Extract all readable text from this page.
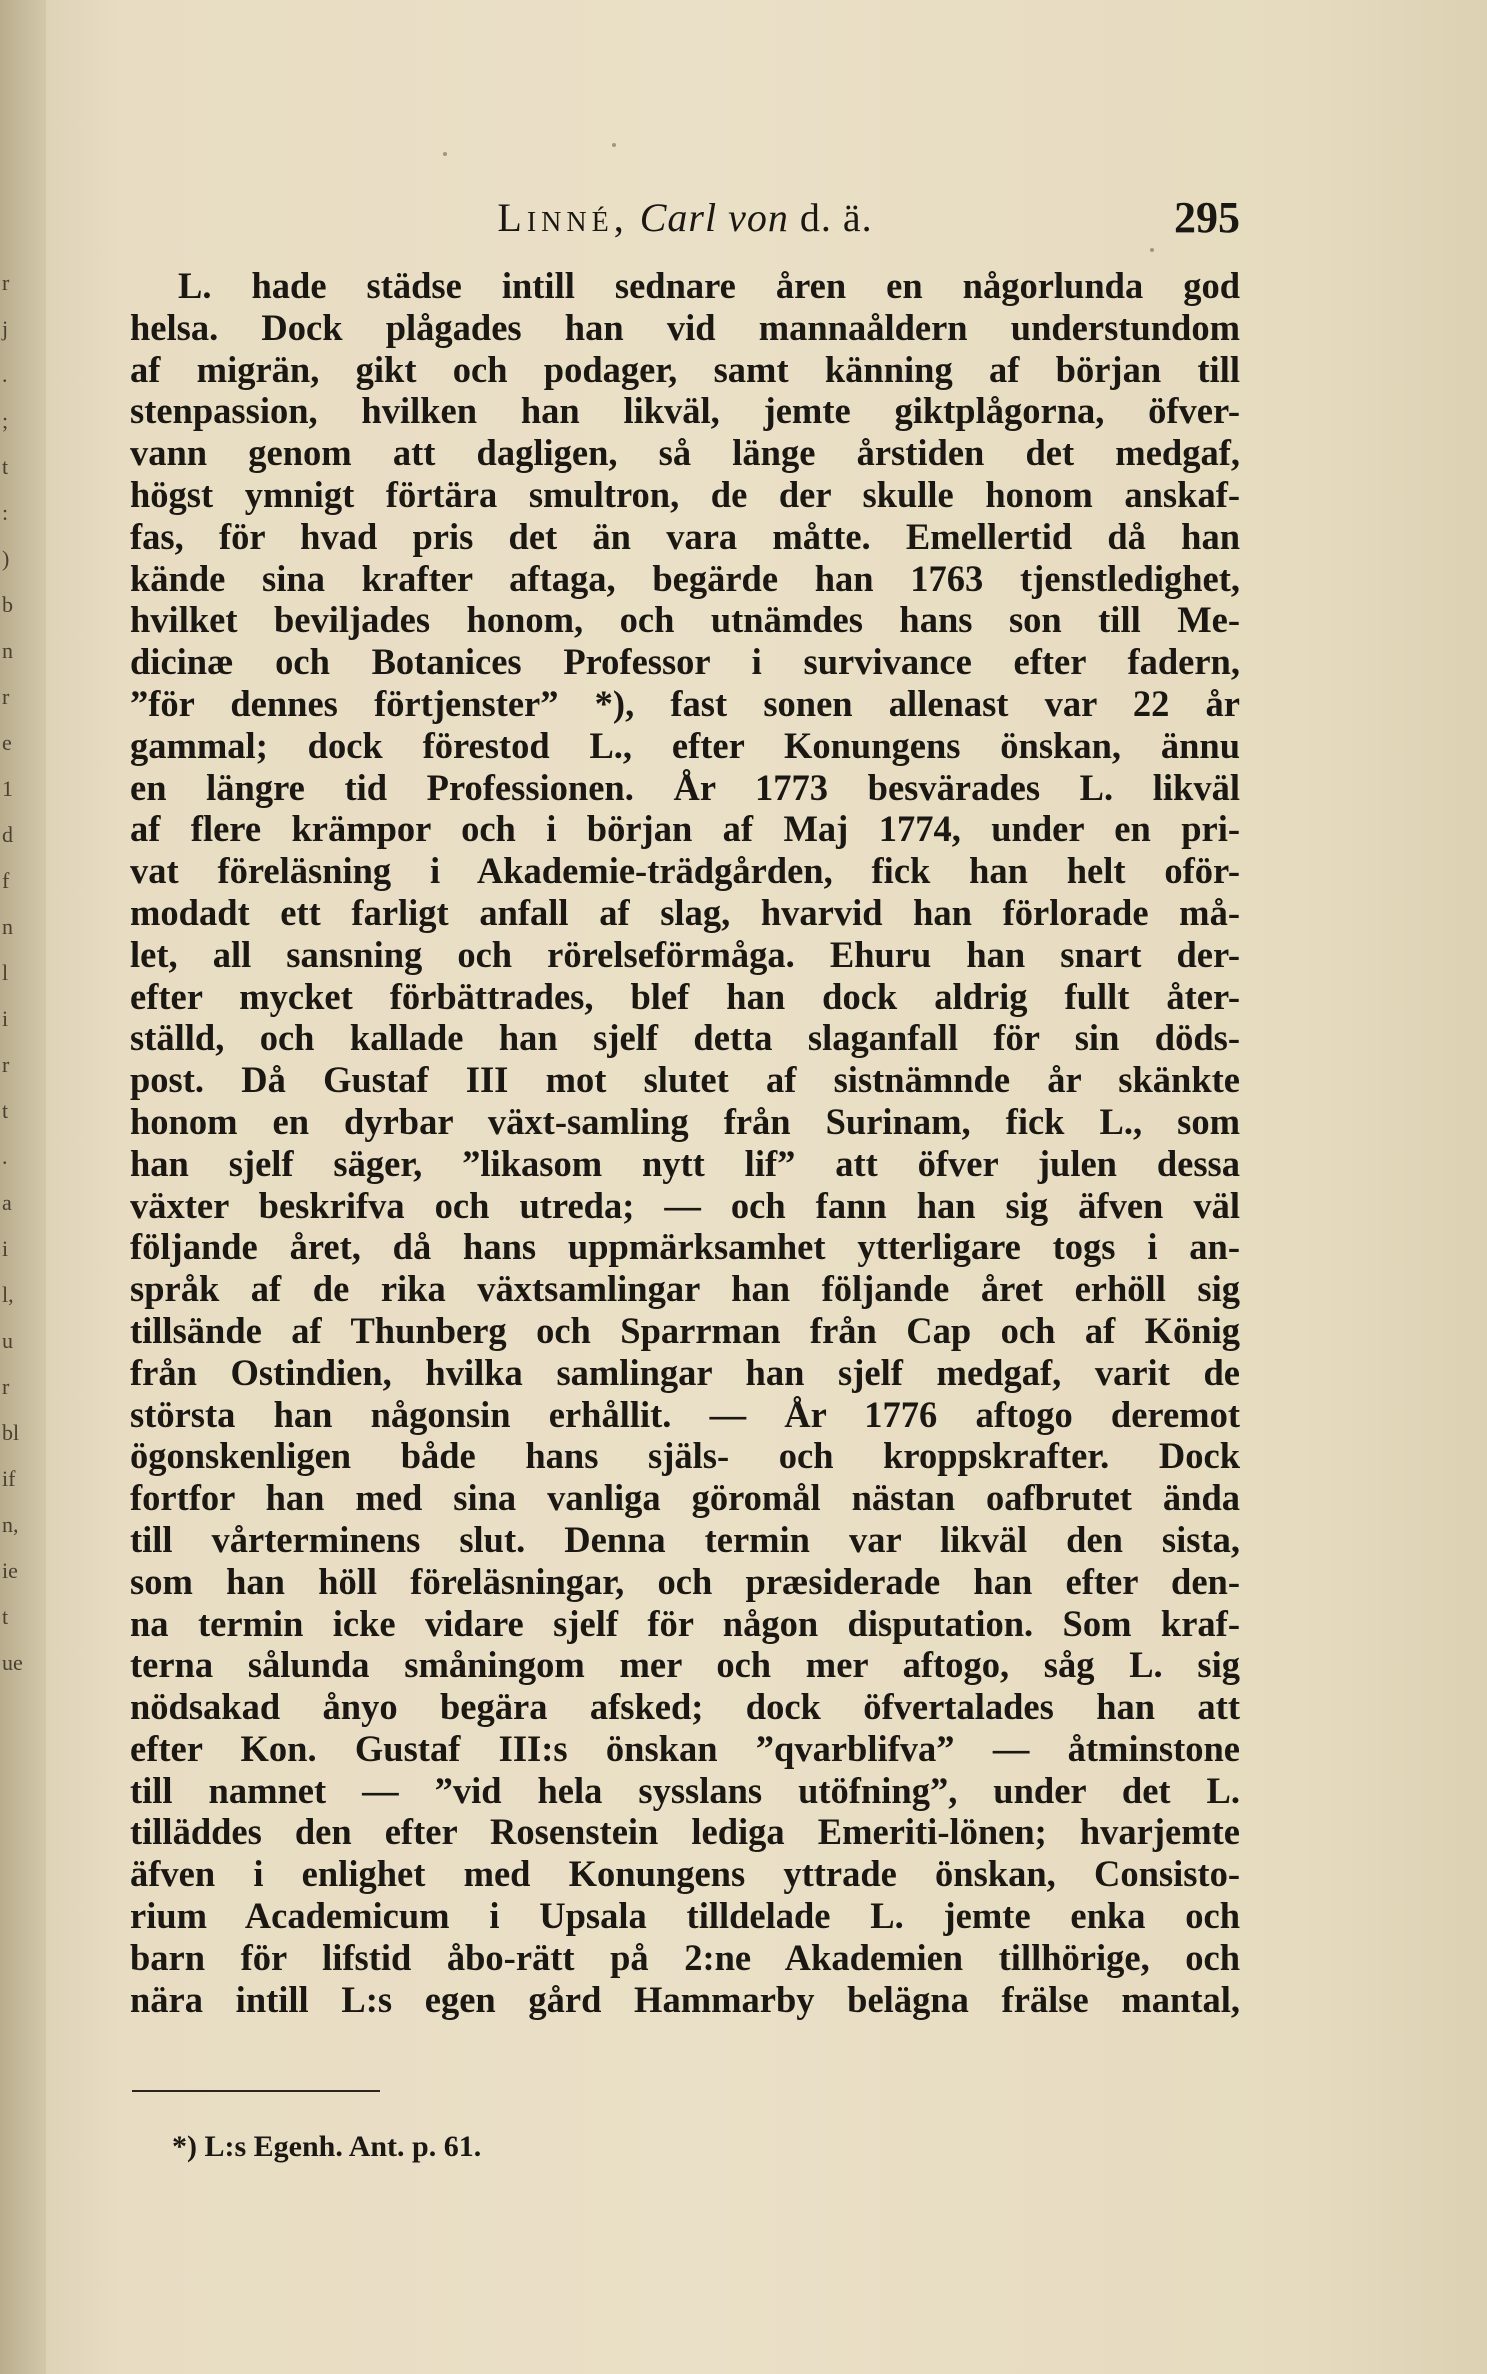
r
j
.
;
t
:
)
b
n
r
e
1
d
f
n
l
i
r
t
.
a
i
l,
u
r
bl
if
n,
ie
t
ue
Linné, Carl von d. ä.	295
L. hade städse intill sednare åren en någorlunda god
helsa. Dock plågades han vid mannaåldern understundom
af migrän, gikt och podager, samt känning af början till
stenpassion, hvilken han likväl, jemte giktplågorna, öfver-
vann genom att dagligen, så länge årstiden det medgaf,
högst ymnigt förtära smultron, de der skulle honom anskaf-
fas, för hvad pris det än vara måtte. Emellertid då han
kände sina krafter aftaga, begärde han 1763 tjenstledighet,
hvilket beviljades honom, och utnämdes hans son till Me-
dicinæ och Botanices Professor i survivance efter fadern,
”för dennes förtjenster” *), fast sonen allenast var 22 år
gammal; dock förestod L., efter Konungens önskan, ännu
en längre tid Professionen. År 1773 besvärades L. likväl
af flere krämpor och i början af Maj 1774, under en pri-
vat föreläsning i Akademie-trädgården, fick han helt oför-
modadt ett farligt anfall af slag, hvarvid han förlorade må-
let, all sansning och rörelseförmåga. Ehuru han snart der-
efter mycket förbättrades, blef han dock aldrig fullt åter-
ställd, och kallade han sjelf detta slaganfall för sin döds-
post. Då Gustaf III mot slutet af sistnämnde år skänkte
honom en dyrbar växt-samling från Surinam, fick L., som
han sjelf säger, ”likasom nytt lif” att öfver julen dessa
växter beskrifva och utreda; — och fann han sig äfven väl
följande året, då hans uppmärksamhet ytterligare togs i an-
språk af de rika växtsamlingar han följande året erhöll sig
tillsände af Thunberg och Sparrman från Cap och af König
från Ostindien, hvilka samlingar han sjelf medgaf, varit de
största han någonsin erhållit. — År 1776 aftogo deremot
ögonskenligen både hans själs- och kroppskrafter. Dock
fortfor han med sina vanliga göromål nästan oafbrutet ända
till vårterminens slut. Denna termin var likväl den sista,
som han höll föreläsningar, och præsiderade han efter den-
na termin icke vidare sjelf för någon disputation. Som kraf-
terna sålunda småningom mer och mer aftogo, såg L. sig
nödsakad ånyo begära afsked; dock öfvertalades han att
efter Kon. Gustaf III:s önskan ”qvarblifva” — åtminstone
till namnet — ”vid hela sysslans utöfning”, under det L.
tilläddes den efter Rosenstein lediga Emeriti-lönen; hvarjemte
äfven i enlighet med Konungens yttrade önskan, Consisto-
rium Academicum i Upsala tilldelade L. jemte enka och
barn för lifstid åbo-rätt på 2:ne Akademien tillhörige, och
nära intill L:s egen gård Hammarby belägna frälse mantal,
*) L:s Egenh. Ant. p. 61.
